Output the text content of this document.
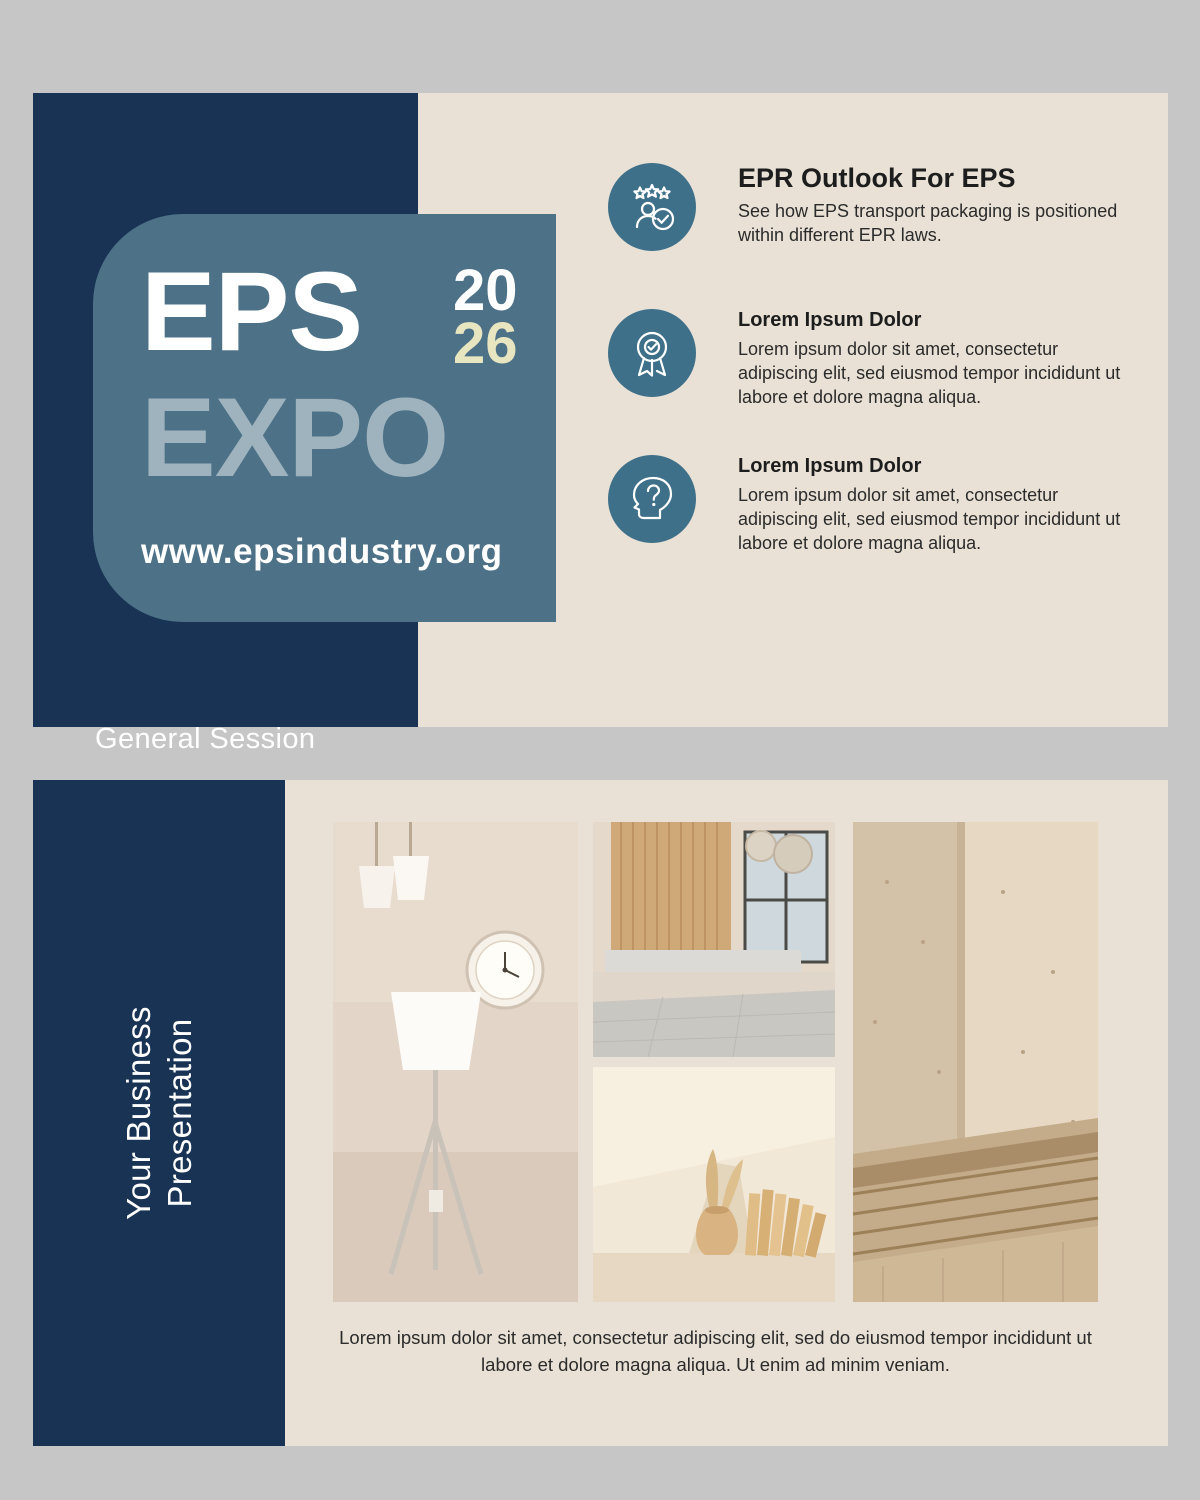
EPS 20
26
EXPO
www.epsindustry.org
General Session

EPR Outlook For EPS

See how EPS transport packaging is positioned within different EPR laws.

Lorem Ipsum Dolor

Lorem ipsum dolor sit amet, consectetur adipiscing elit, sed eiusmod tempor incididunt ut labore et dolore magna aliqua.

Lorem Ipsum Dolor

Lorem ipsum dolor sit amet, consectetur adipiscing elit, sed eiusmod tempor incididunt ut labore et dolore magna aliqua.

Your Business Presentation
Lorem ipsum dolor sit amet, consectetur adipiscing elit, sed do eiusmod tempor incididunt ut labore et dolore magna aliqua. Ut enim ad minim veniam.
